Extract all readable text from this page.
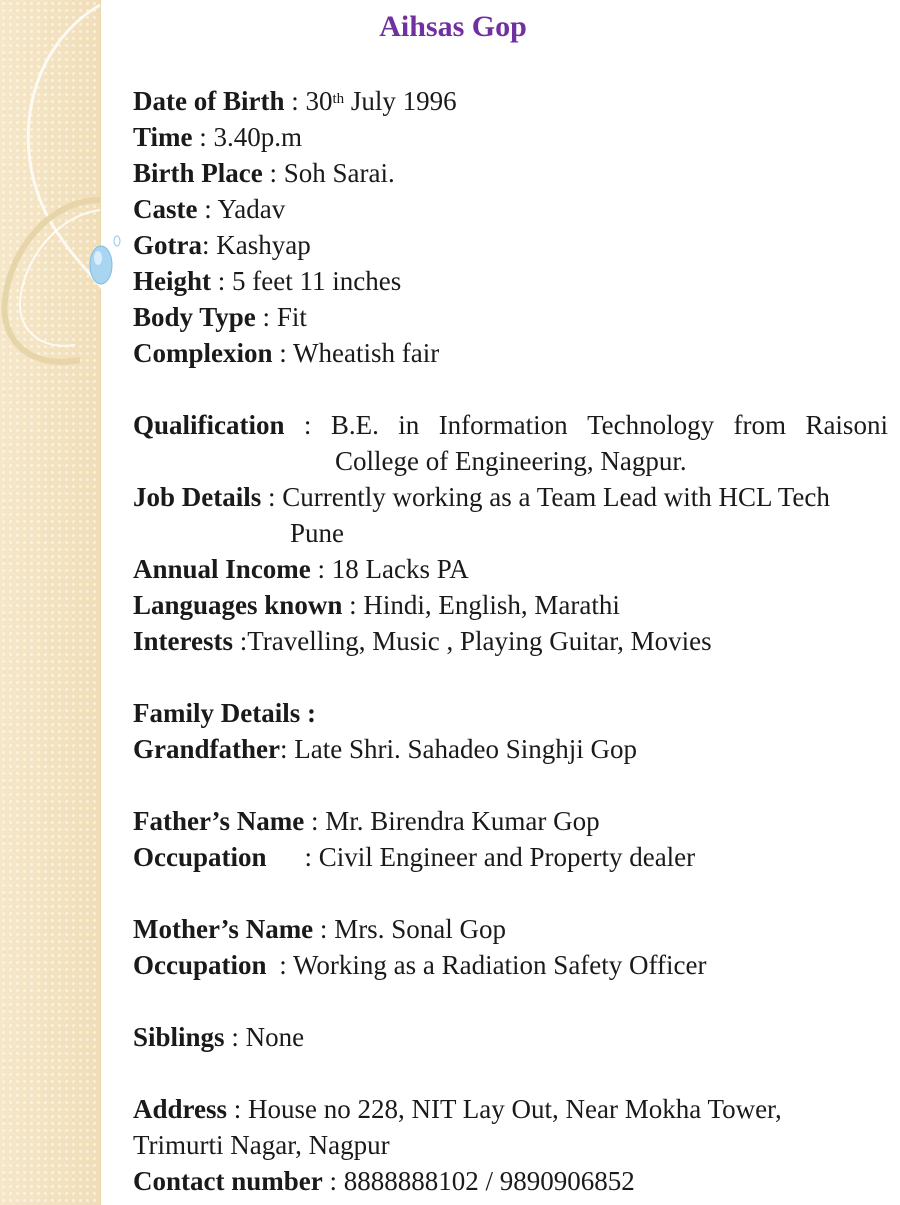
Aihsas Gop
Date of Birth : 30th July 1996
Time : 3.40p.m
Birth Place : Soh Sarai.
Caste : Yadav
Gotra: Kashyap
Height : 5 feet 11 inches
Body Type : Fit
Complexion : Wheatish fair
Qualification : B.E. in Information Technology from Raisoni
College of Engineering, Nagpur.
Job Details : Currently working as a Team Lead with HCL Tech
Pune
Annual Income : 18 Lacks PA
Languages known : Hindi, English, Marathi
Interests :Travelling, Music , Playing Guitar, Movies
Family Details :
Grandfather: Late Shri. Sahadeo Singhji Gop
Father’s Name : Mr. Birendra Kumar Gop
Occupation : Civil Engineer and Property dealer
Mother’s Name : Mrs. Sonal Gop
Occupation : Working as a Radiation Safety Officer
Siblings : None
Address : House no 228, NIT Lay Out, Near Mokha Tower,
Trimurti Nagar, Nagpur
Contact number : 8888888102 / 9890906852
